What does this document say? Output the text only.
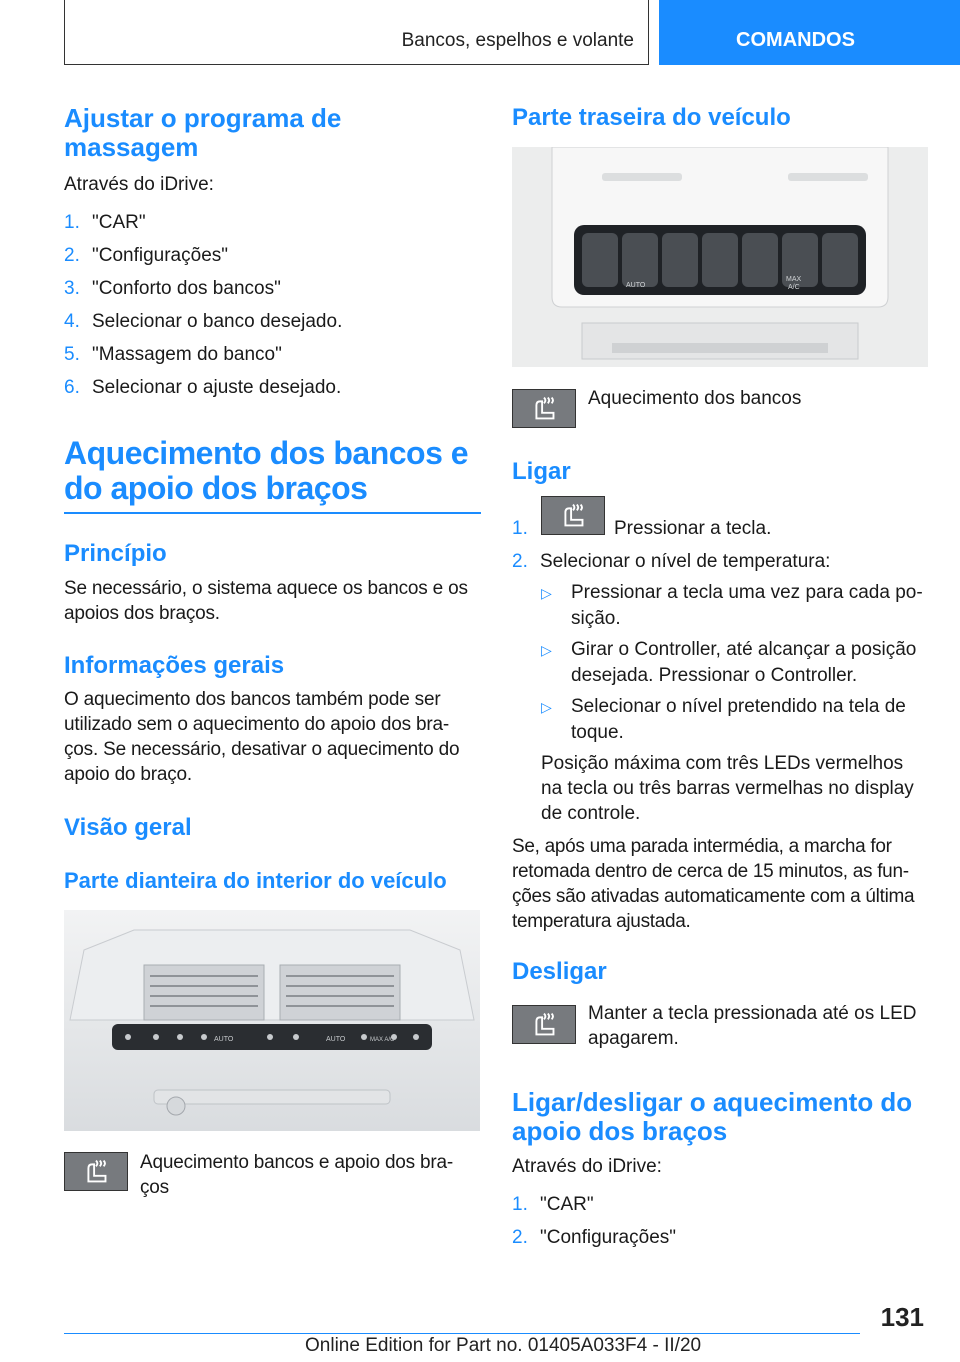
Bancos, espelhos e volante	COMANDOS
Ajustar o programa de
massagem
Através do iDrive:
1. "CAR"
2. "Configurações"
3. "Conforto dos bancos"
4. Selecionar o banco desejado.
5. "Massagem do banco"
6. Selecionar o ajuste desejado.
Aquecimento dos bancos e
do apoio dos braços
Princípio
Se necessário, o sistema aquece os bancos e os
apoios dos braços.
Informações gerais
O aquecimento dos bancos também pode ser
utilizado sem o aquecimento do apoio dos bra-
ços. Se necessário, desativar o aquecimento do
apoio do braço.
Visão geral
Parte dianteira do interior do veículo
AUTO	AUTO	MAX A/C
Aquecimento bancos e apoio dos bra-
ços
Parte traseira do veículo
AUTO
MAX
A/C
Aquecimento dos bancos
Ligar
1.	Pressionar a tecla.
2. Selecionar o nível de temperatura:
▷ Pressionar a tecla uma vez para cada po-
sição.
▷ Girar o Controller, até alcançar a posição
desejada. Pressionar o Controller.
▷ Selecionar o nível pretendido na tela de
toque.
Posição máxima com três LEDs vermelhos
na tecla ou três barras vermelhas no display
de controle.
Se, após uma parada intermédia, a marcha for
retomada dentro de cerca de 15 minutos, as fun-
ções são ativadas automaticamente com a última
temperatura ajustada.
Desligar
Manter a tecla pressionada até os LED
apagarem.
Ligar/desligar o aquecimento do
apoio dos braços
Através do iDrive:
1. "CAR"
2. "Configurações"
131
Online Edition for Part no. 01405A033F4 - II/20
